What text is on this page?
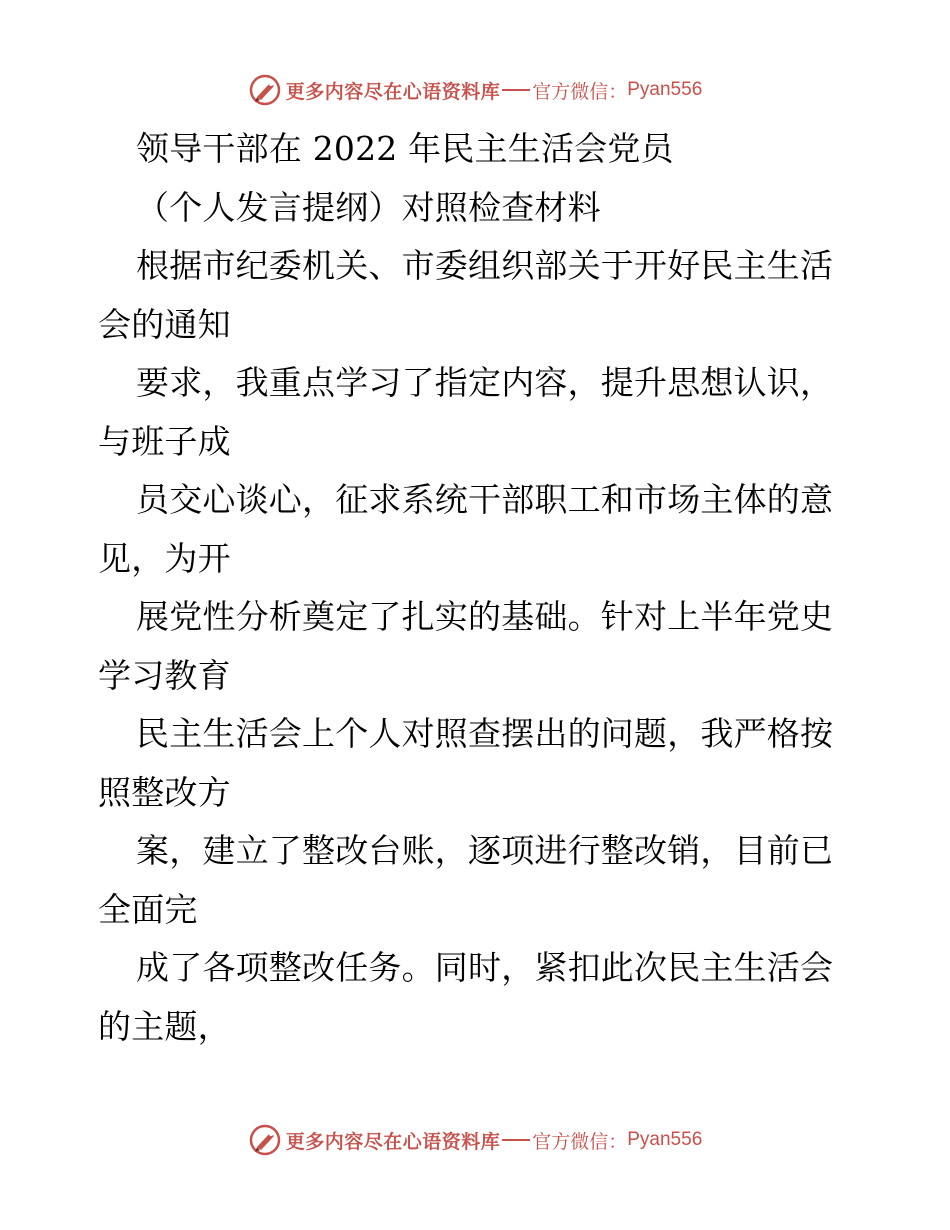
更多内容尽在心语资料库 官方微信： Pyan556
领导干部在 2022 年民主生活会党员
（个人发言提纲）对照检查材料
根据市纪委机关、市委组织部关于开好民主生活
会的通知
要求，我重点学习了指定内容，提升思想认识，
与班子成
员交心谈心，征求系统干部职工和市场主体的意
见，为开
展党性分析奠定了扎实的基础。针对上半年党史
学习教育
民主生活会上个人对照查摆出的问题，我严格按
照整改方
案，建立了整改台账，逐项进行整改销，目前已
全面完
成了各项整改任务。同时，紧扣此次民主生活会
的主题，
更多内容尽在心语资料库 官方微信： Pyan556
